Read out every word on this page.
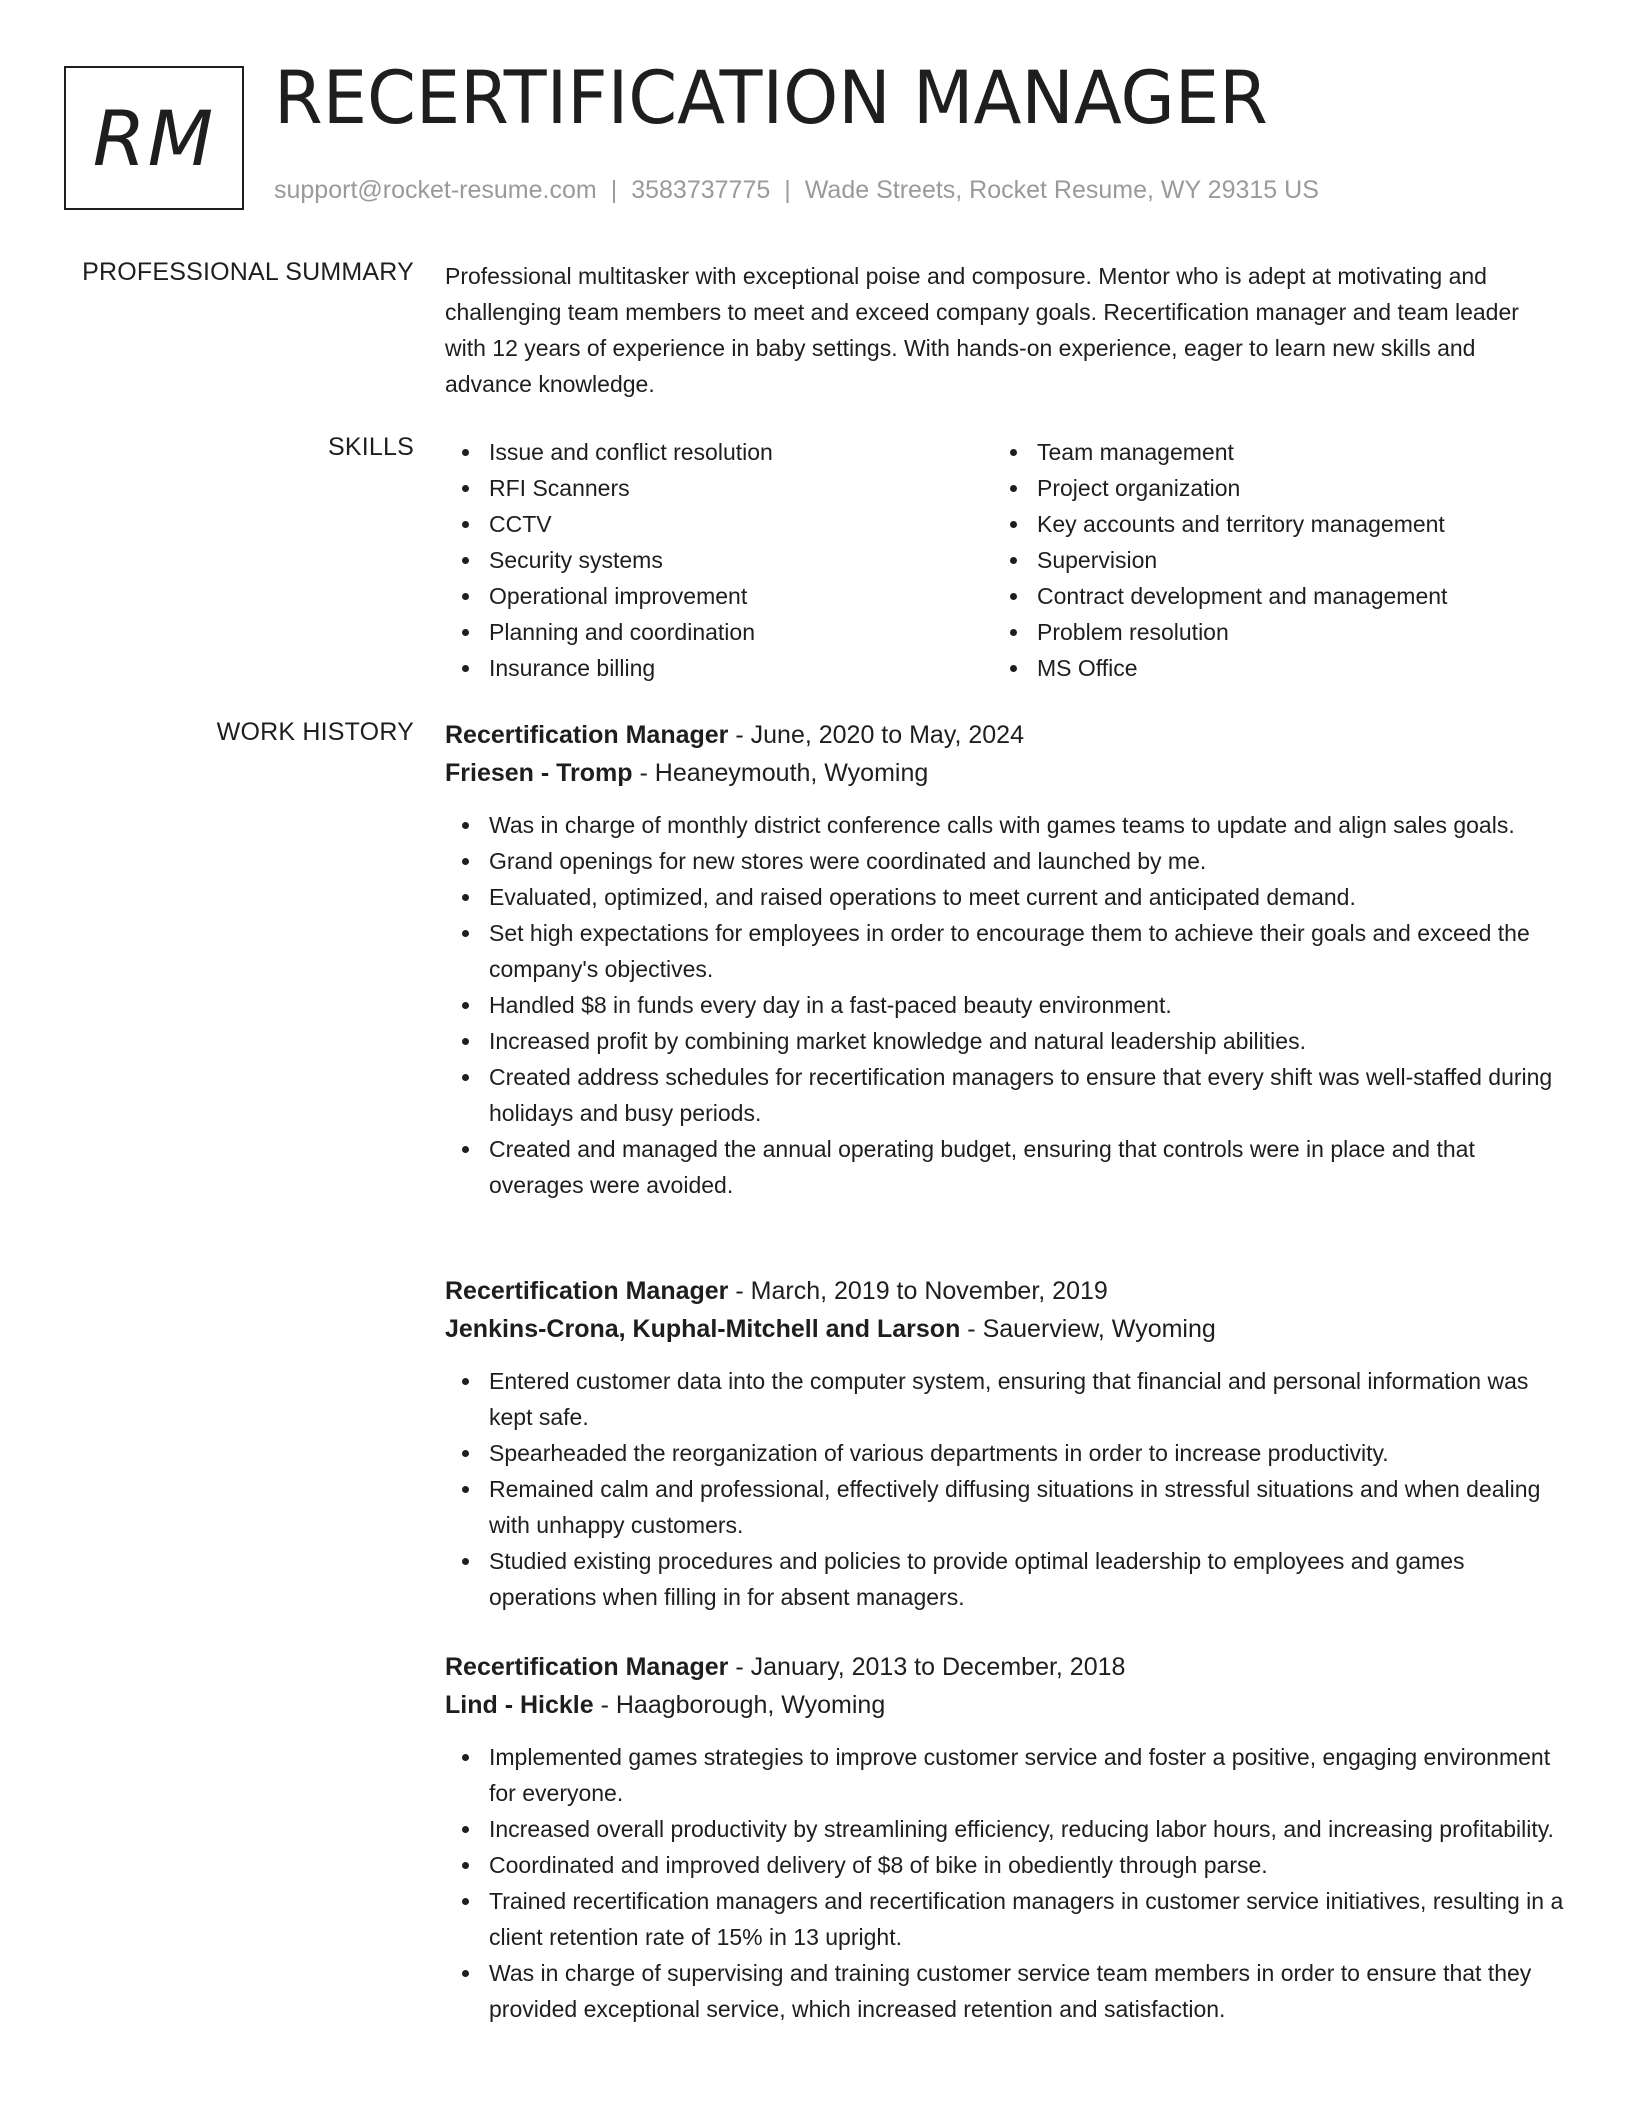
RM RECERTIFICATION MANAGER
support@rocket-resume.com | 3583737775 | Wade Streets, Rocket Resume, WY 29315 US
PROFESSIONAL SUMMARY Professional multitasker with exceptional poise and composure. Mentor who is adept at motivating and challenging team members to meet and exceed company goals. Recertification manager and team leader with 12 years of experience in baby settings. With hands-on experience, eager to learn new skills and advance knowledge.
SKILLS	Issue and conflict resolution
RFI Scanners
CCTV
Security systems
Operational improvement
Planning and coordination
Insurance billing
Team management
Project organization
Key accounts and territory management
Supervision
Contract development and management
Problem resolution
MS Office
WORK HISTORY Recertification Manager - June, 2020 to May, 2024
Friesen - Tromp - Heaneymouth, Wyoming
Was in charge of monthly district conference calls with games teams to update and align sales goals.
Grand openings for new stores were coordinated and launched by me.
Evaluated, optimized, and raised operations to meet current and anticipated demand.
Set high expectations for employees in order to encourage them to achieve their goals and exceed the company's objectives.
Handled $8 in funds every day in a fast-paced beauty environment.
Increased profit by combining market knowledge and natural leadership abilities.
Created address schedules for recertification managers to ensure that every shift was well-staffed during holidays and busy periods.
Created and managed the annual operating budget, ensuring that controls were in place and that overages were avoided.
Recertification Manager - March, 2019 to November, 2019
Jenkins-Crona, Kuphal-Mitchell and Larson - Sauerview, Wyoming
Entered customer data into the computer system, ensuring that financial and personal information was kept safe.
Spearheaded the reorganization of various departments in order to increase productivity.
Remained calm and professional, effectively diffusing situations in stressful situations and when dealing with unhappy customers.
Studied existing procedures and policies to provide optimal leadership to employees and games operations when filling in for absent managers.
Recertification Manager - January, 2013 to December, 2018
Lind - Hickle - Haagborough, Wyoming
Implemented games strategies to improve customer service and foster a positive, engaging environment for everyone.
Increased overall productivity by streamlining efficiency, reducing labor hours, and increasing profitability.
Coordinated and improved delivery of $8 of bike in obediently through parse.
Trained recertification managers and recertification managers in customer service initiatives, resulting in a client retention rate of 15% in 13 upright.
Was in charge of supervising and training customer service team members in order to ensure that they provided exceptional service, which increased retention and satisfaction.
